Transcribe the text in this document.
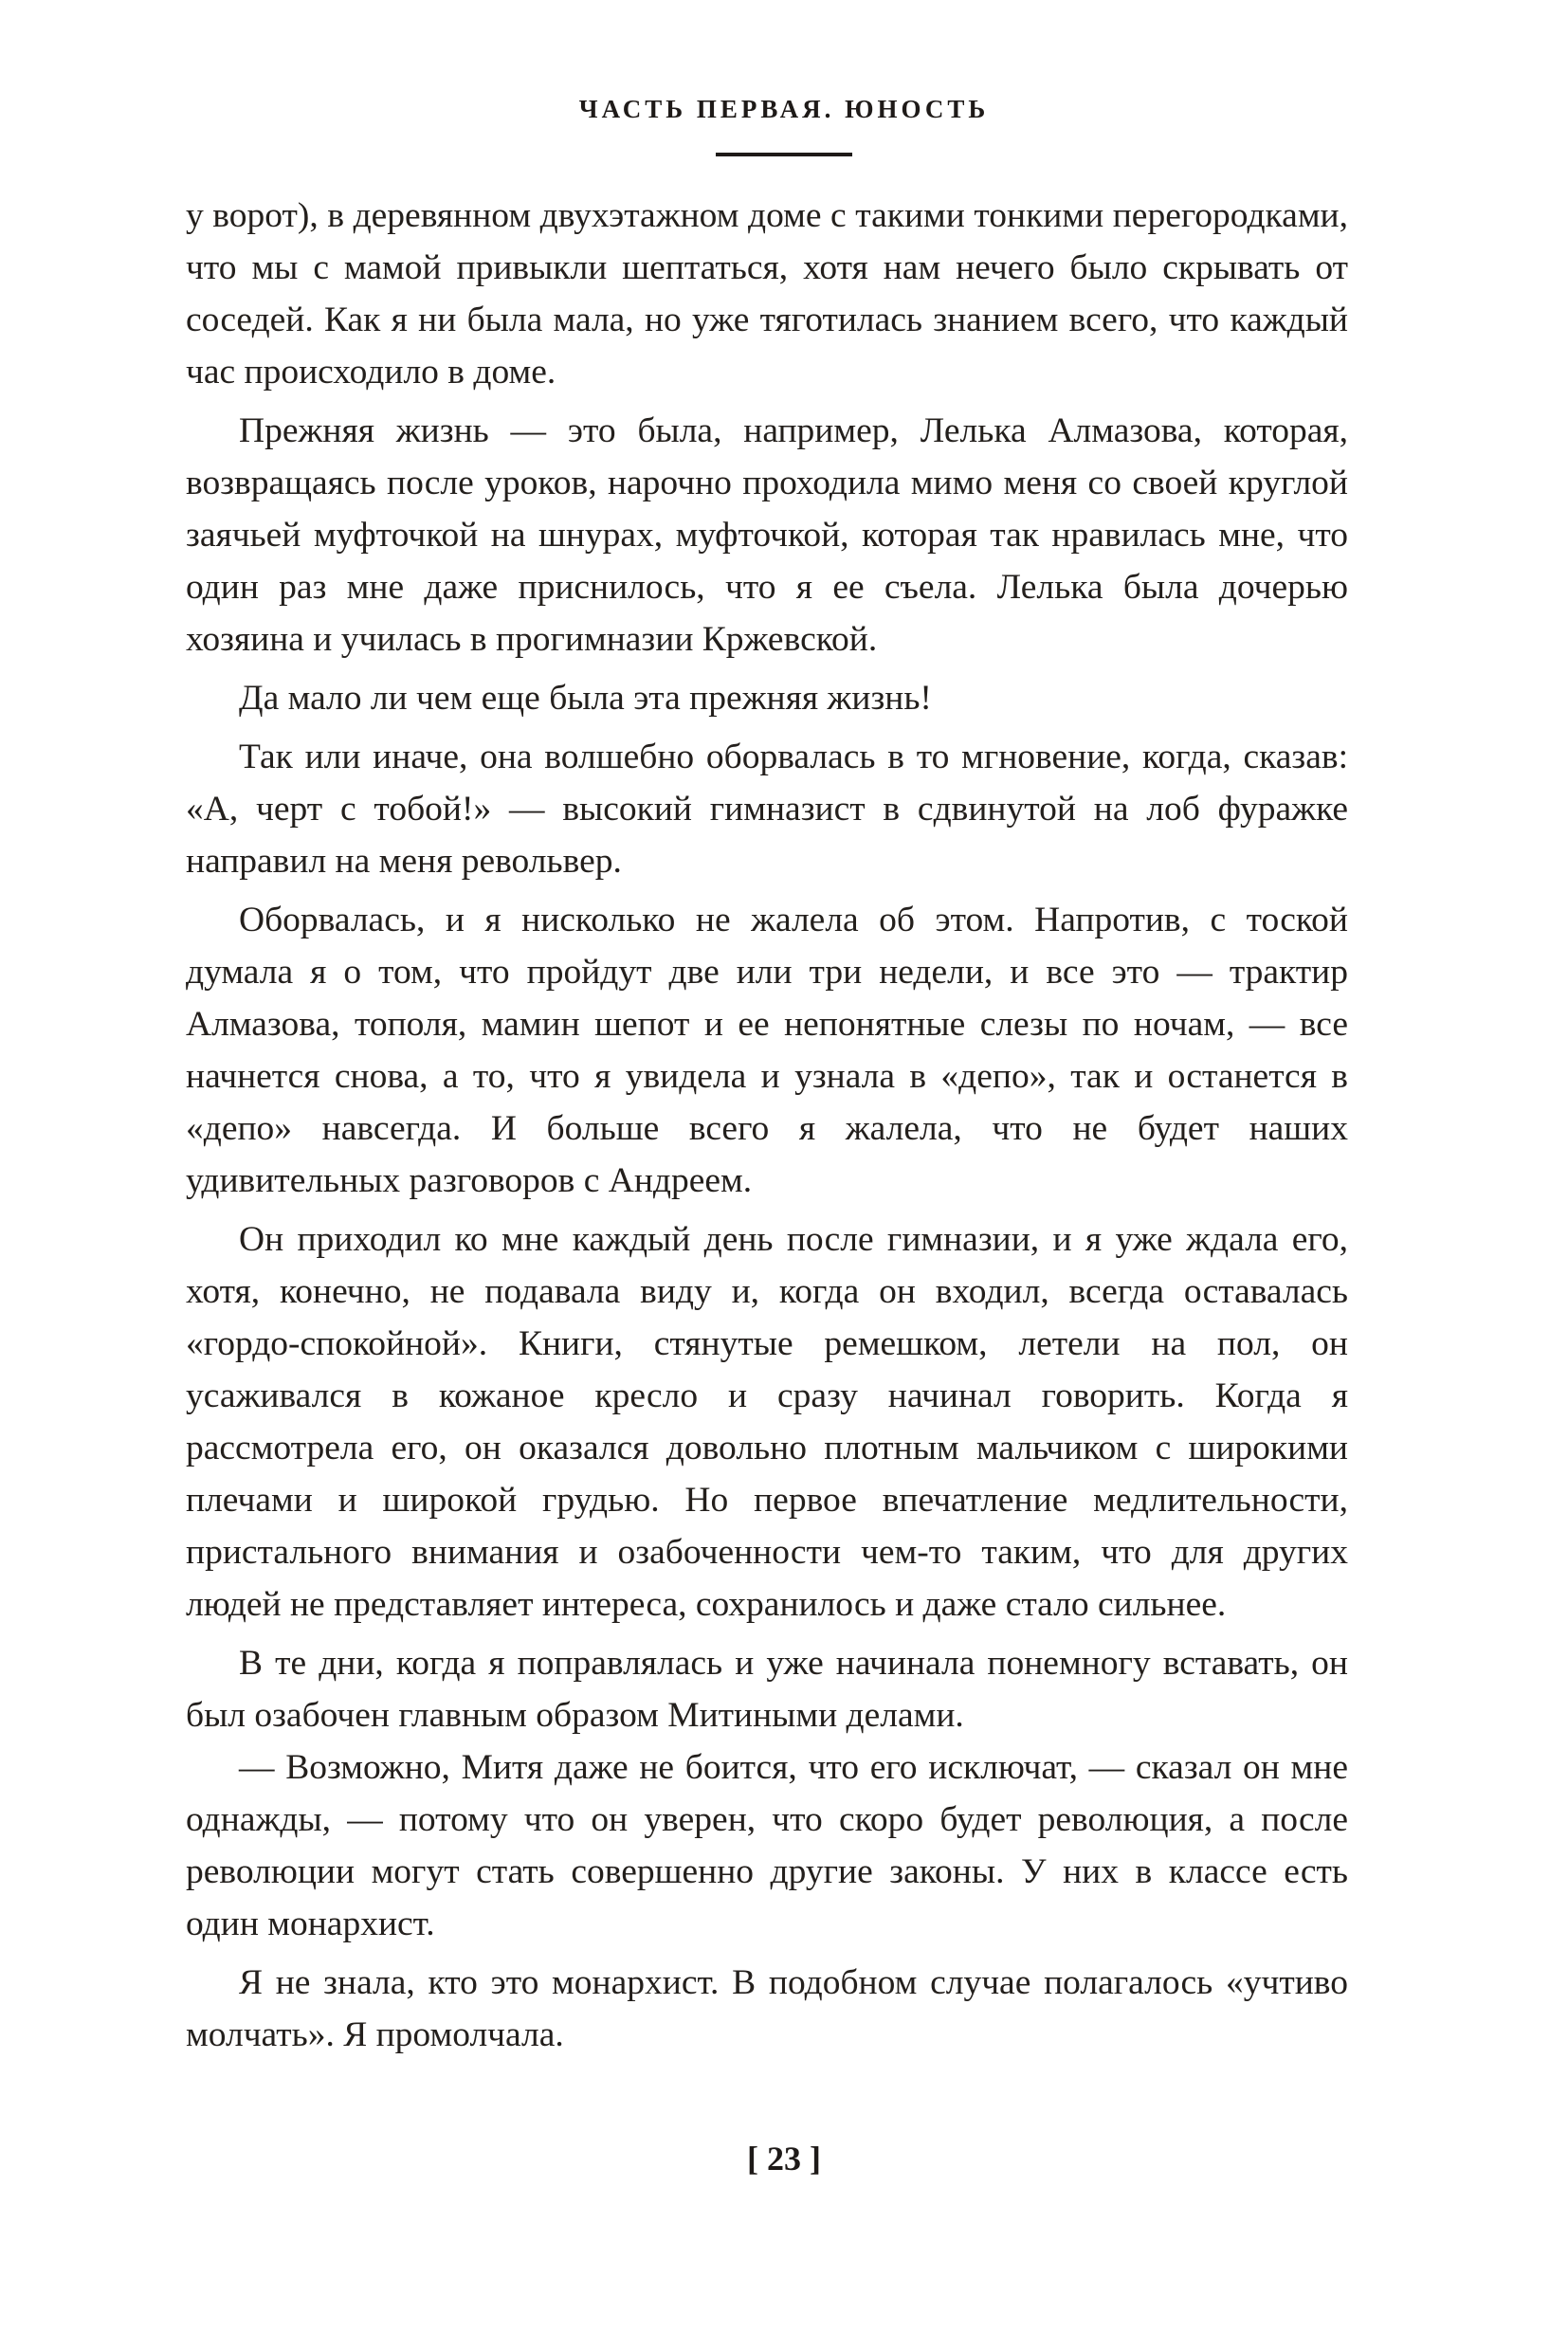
ЧАСТЬ ПЕРВАЯ. ЮНОСТЬ

у ворот), в деревянном двухэтажном доме с такими тонкими перегородками, что мы с мамой привыкли шептаться, хотя нам нечего было скрывать от соседей. Как я ни была мала, но уже тяготилась знанием всего, что каждый час происходило в доме.

Прежняя жизнь — это была, например, Лелька Алмазова, которая, возвращаясь после уроков, нарочно проходила мимо меня со своей круглой заячьей муфточкой на шнурах, муфточкой, которая так нравилась мне, что один раз мне даже приснилось, что я ее съела. Лелька была дочерью хозяина и училась в прогимназии Кржевской.

Да мало ли чем еще была эта прежняя жизнь!

Так или иначе, она волшебно оборвалась в то мгновение, когда, сказав: «А, черт с тобой!» — высокий гимназист в сдвинутой на лоб фуражке направил на меня револьвер.

Оборвалась, и я нисколько не жалела об этом. Напротив, с тоской думала я о том, что пройдут две или три недели, и все это — трактир Алмазова, тополя, мамин шепот и ее непонятные слезы по ночам, — все начнется снова, а то, что я увидела и узнала в «депо», так и останется в «депо» навсегда. И больше всего я жалела, что не будет наших удивительных разговоров с Андреем.

Он приходил ко мне каждый день после гимназии, и я уже ждала его, хотя, конечно, не подавала виду и, когда он входил, всегда оставалась «гордо-спокойной». Книги, стянутые ремешком, летели на пол, он усаживался в кожаное кресло и сразу начинал говорить. Когда я рассмотрела его, он оказался довольно плотным мальчиком с широкими плечами и широкой грудью. Но первое впечатление медлительности, пристального внимания и озабоченности чем-то таким, что для других людей не представляет интереса, сохранилось и даже стало сильнее.

В те дни, когда я поправлялась и уже начинала понемногу вставать, он был озабочен главным образом Митиными делами.

— Возможно, Митя даже не боится, что его исключат, — сказал он мне однажды, — потому что он уверен, что скоро будет революция, а после революции могут стать совершенно другие законы. У них в классе есть один монархист.

Я не знала, кто это монархист. В подобном случае полагалось «учтиво молчать». Я промолчала.

[ 23 ]
